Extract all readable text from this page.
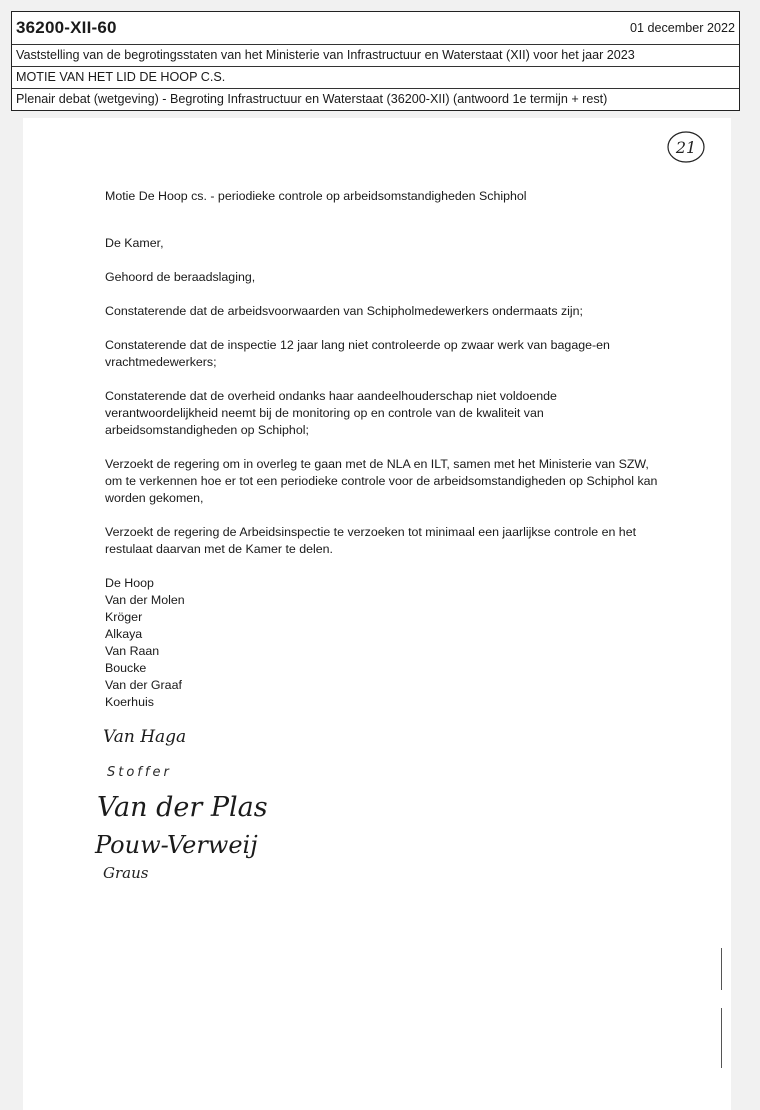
36200-XII-60	01 december 2022
Vaststelling van de begrotingsstaten van het Ministerie van Infrastructuur en Waterstaat (XII) voor het jaar 2023
MOTIE VAN HET LID DE HOOP C.S.
Plenair debat (wetgeving) - Begroting Infrastructuur en Waterstaat (36200-XII) (antwoord 1e termijn + rest)
21

Motie De Hoop cs. - periodieke controle op arbeidsomstandigheden Schiphol

De Kamer,

Gehoord de beraadslaging,

Constaterende dat de arbeidsvoorwaarden van Schipholmedewerkers ondermaats zijn;

Constaterende dat de inspectie 12 jaar lang niet controleerde op zwaar werk van bagage-en vrachtmedewerkers;

Constaterende dat de overheid ondanks haar aandeelhouderschap niet voldoende verantwoordelijkheid neemt bij de monitoring op en controle van de kwaliteit van arbeidsomstandigheden op Schiphol;

Verzoekt de regering om in overleg te gaan met de NLA en ILT, samen met het Ministerie van SZW, om te verkennen hoe er tot een periodieke controle voor de arbeidsomstandigheden op Schiphol kan worden gekomen,

Verzoekt de regering de Arbeidsinspectie te verzoeken tot minimaal een jaarlijkse controle en het restulaat daarvan met de Kamer te delen.

De Hoop
Van der Molen
Kröger
Alkaya
Van Raan
Boucke
Van der Graaf
Koerhuis
Van Haga
Stoffer
Van der Plas
Pouw-Verweij
Graus
